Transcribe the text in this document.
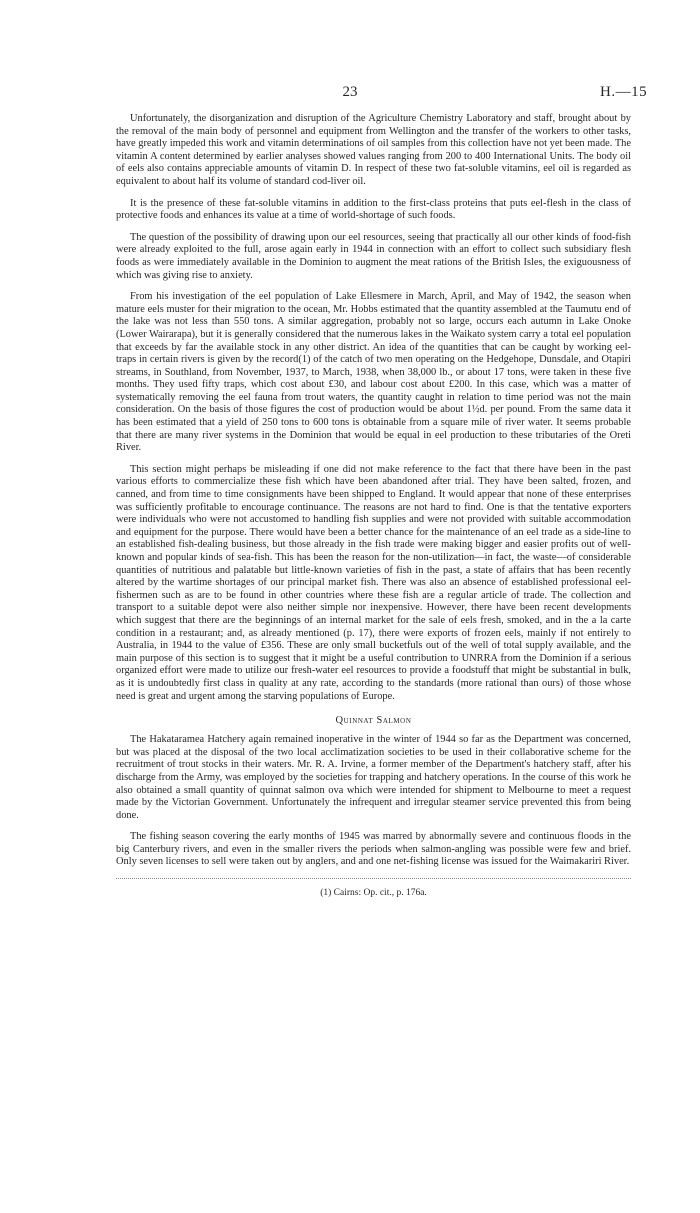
23	H.—15

Unfortunately, the disorganization and disruption of the Agriculture Chemistry Laboratory and staff, brought about by the removal of the main body of personnel and equipment from Wellington and the transfer of the workers to other tasks, have greatly impeded this work and vitamin determinations of oil samples from this collection have not yet been made. The vitamin A content determined by earlier analyses showed values ranging from 200 to 400 International Units. The body oil of eels also contains appreciable amounts of vitamin D. In respect of these two fat-soluble vitamins, eel oil is regarded as equivalent to about half its volume of standard cod-liver oil.

It is the presence of these fat-soluble vitamins in addition to the first-class proteins that puts eel-flesh in the class of protective foods and enhances its value at a time of world-shortage of such foods.

The question of the possibility of drawing upon our eel resources, seeing that practically all our other kinds of food-fish were already exploited to the full, arose again early in 1944 in connection with an effort to collect such subsidiary flesh foods as were immediately available in the Dominion to augment the meat rations of the British Isles, the exiguousness of which was giving rise to anxiety.

From his investigation of the eel population of Lake Ellesmere in March, April, and May of 1942, the season when mature eels muster for their migration to the ocean, Mr. Hobbs estimated that the quantity assembled at the Taumutu end of the lake was not less than 550 tons. A similar aggregation, probably not so large, occurs each autumn in Lake Onoke (Lower Wairarapa), but it is generally considered that the numerous lakes in the Waikato system carry a total eel population that exceeds by far the available stock in any other district. An idea of the quantities that can be caught by working eel-traps in certain rivers is given by the record(1) of the catch of two men operating on the Hedgehope, Dunsdale, and Otapiri streams, in Southland, from November, 1937, to March, 1938, when 38,000 lb., or about 17 tons, were taken in these five months. They used fifty traps, which cost about £30, and labour cost about £200. In this case, which was a matter of systematically removing the eel fauna from trout waters, the quantity caught in relation to time period was not the main consideration. On the basis of those figures the cost of production would be about 1½d. per pound. From the same data it has been estimated that a yield of 250 tons to 600 tons is obtainable from a square mile of river water. It seems probable that there are many river systems in the Dominion that would be equal in eel production to these tributaries of the Oreti River.

This section might perhaps be misleading if one did not make reference to the fact that there have been in the past various efforts to commercialize these fish which have been abandoned after trial. They have been salted, frozen, and canned, and from time to time consignments have been shipped to England. It would appear that none of these enterprises was sufficiently profitable to encourage continuance. The reasons are not hard to find. One is that the tentative exporters were individuals who were not accustomed to handling fish supplies and were not provided with suitable accommodation and equipment for the purpose. There would have been a better chance for the maintenance of an eel trade as a side-line to an established fish-dealing business, but those already in the fish trade were making bigger and easier profits out of well-known and popular kinds of sea-fish. This has been the reason for the non-utilization—in fact, the waste—of considerable quantities of nutritious and palatable but little-known varieties of fish in the past, a state of affairs that has been recently altered by the wartime shortages of our principal market fish. There was also an absence of established professional eel-fishermen such as are to be found in other countries where these fish are a regular article of trade. The collection and transport to a suitable depot were also neither simple nor inexpensive. However, there have been recent developments which suggest that there are the beginnings of an internal market for the sale of eels fresh, smoked, and in the a la carte condition in a restaurant; and, as already mentioned (p. 17), there were exports of frozen eels, mainly if not entirely to Australia, in 1944 to the value of £356. These are only small bucketfuls out of the well of total supply available, and the main purpose of this section is to suggest that it might be a useful contribution to UNRRA from the Dominion if a serious organized effort were made to utilize our fresh-water eel resources to provide a foodstuff that might be substantial in bulk, as it is undoubtedly first class in quality at any rate, according to the standards (more rational than ours) of those whose need is great and urgent among the starving populations of Europe.

Quinnat Salmon

The Hakataramea Hatchery again remained inoperative in the winter of 1944 so far as the Department was concerned, but was placed at the disposal of the two local acclimatization societies to be used in their collaborative scheme for the recruitment of trout stocks in their waters. Mr. R. A. Irvine, a former member of the Department's hatchery staff, after his discharge from the Army, was employed by the societies for trapping and hatchery operations. In the course of this work he also obtained a small quantity of quinnat salmon ova which were intended for shipment to Melbourne to meet a request made by the Victorian Government. Unfortunately the infrequent and irregular steamer service prevented this from being done.

The fishing season covering the early months of 1945 was marred by abnormally severe and continuous floods in the big Canterbury rivers, and even in the smaller rivers the periods when salmon-angling was possible were few and brief. Only seven licenses to sell were taken out by anglers, and and one net-fishing license was issued for the Waimakariri River.

(1) Cairns: Op. cit., p. 176a.
